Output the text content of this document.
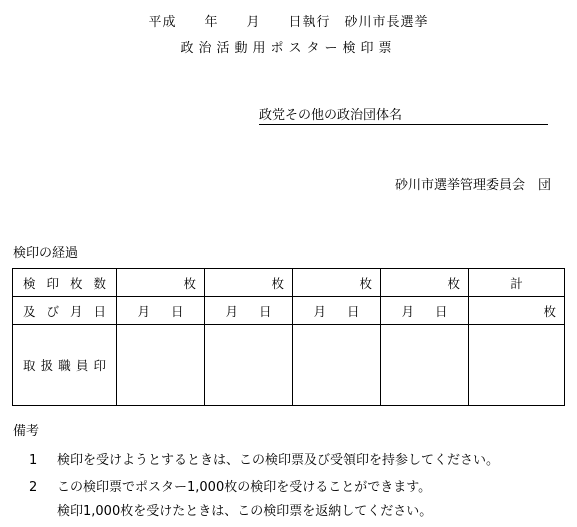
平成　　年　　月　　日執行　砂川市長選挙
政治活動用ポスター検印票
政党その他の政治団体名
砂川市選挙管理委員会　団
検印の経過
検印枚数	枚	枚	枚	枚	計
及び月日	月 日	月 日	月 日	月 日	枚
取扱職員印					
備考
1 検印を受けようとするときは、この検印票及び受領印を持参してください。
2 この検印票でポスター1,000枚の検印を受けることができます。
検印1,000枚を受けたときは、この検印票を返納してください。
